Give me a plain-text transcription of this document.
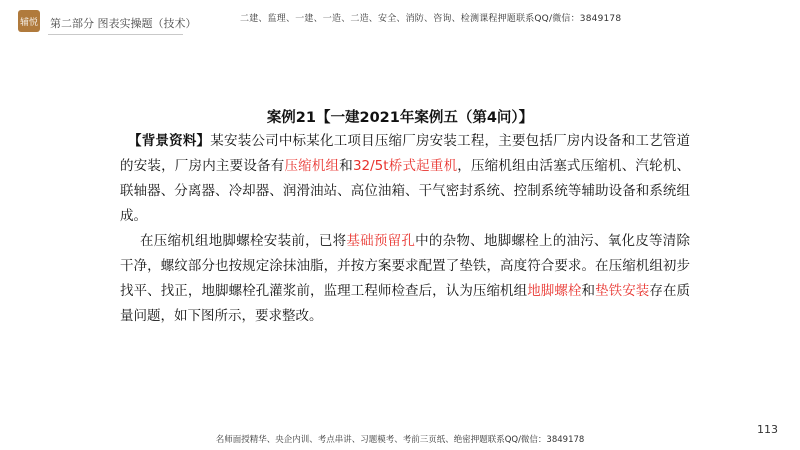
辅悦 第二部分 图表实操题（技术）	二建、监理、一建、一造、二造、安全、消防、咨询、检测课程押题联系QQ/微信：3849178
案例21【一建2021年案例五（第4问）】

【背景资料】某安装公司中标某化工项目压缩厂房安装工程，主要包括厂房内设备和工艺管道的安装，厂房内主要设备有压缩机组和32/5t桥式起重机，压缩机组由活塞式压缩机、汽轮机、联轴器、分离器、冷却器、润滑油站、高位油箱、干气密封系统、控制系统等辅助设备和系统组成。

在压缩机组地脚螺栓安装前，已将基础预留孔中的杂物、地脚螺栓上的油污、氧化皮等清除干净，螺纹部分也按规定涂抹油脂，并按方案要求配置了垫铁，高度符合要求。在压缩机组初步找平、找正，地脚螺栓孔灌浆前，监理工程师检查后，认为压缩机组地脚螺栓和垫铁安装存在质量问题，如下图所示，要求整改。

113
名师面授精华、央企内训、考点串讲、习题模考、考前三页纸、绝密押题联系QQ/微信：3849178
